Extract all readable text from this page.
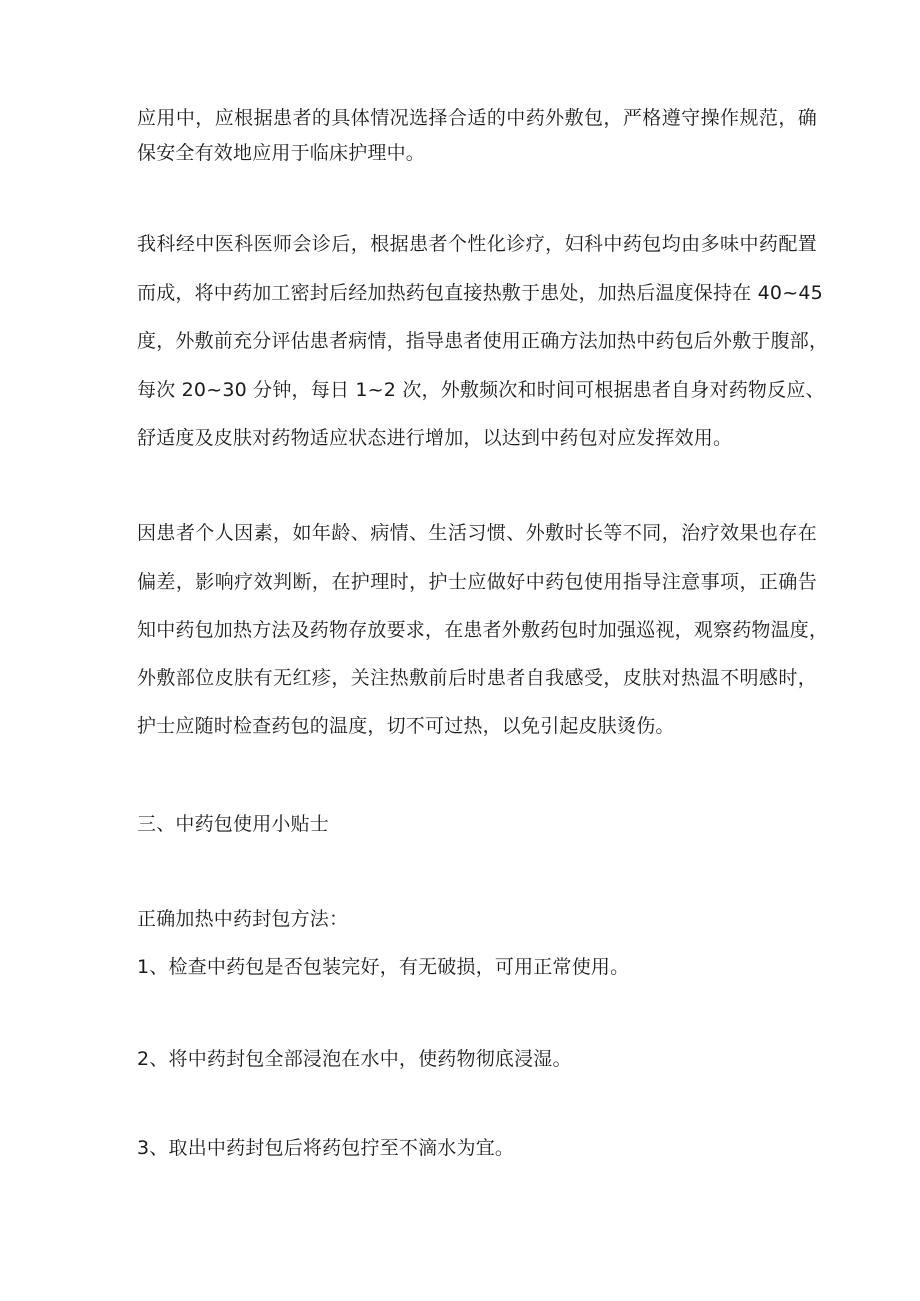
应用中，应根据患者的具体情况选择合适的中药外敷包，严格遵守操作规范，确
保安全有效地应用于临床护理中。
我科经中医科医师会诊后，根据患者个性化诊疗，妇科中药包均由多味中药配置
而成，将中药加工密封后经加热药包直接热敷于患处，加热后温度保持在 40~45
度，外敷前充分评估患者病情，指导患者使用正确方法加热中药包后外敷于腹部，
每次 20~30 分钟，每日 1~2 次，外敷频次和时间可根据患者自身对药物反应、
舒适度及皮肤对药物适应状态进行增加，以达到中药包对应发挥效用。
因患者个人因素，如年龄、病情、生活习惯、外敷时长等不同，治疗效果也存在
偏差，影响疗效判断，在护理时，护士应做好中药包使用指导注意事项，正确告
知中药包加热方法及药物存放要求，在患者外敷药包时加强巡视，观察药物温度，
外敷部位皮肤有无红疹，关注热敷前后时患者自我感受，皮肤对热温不明感时，
护士应随时检查药包的温度，切不可过热，以免引起皮肤烫伤。
三、中药包使用小贴士
正确加热中药封包方法：
1、检查中药包是否包装完好，有无破损，可用正常使用。
2、将中药封包全部浸泡在水中，使药物彻底浸湿。
3、取出中药封包后将药包拧至不滴水为宜。
